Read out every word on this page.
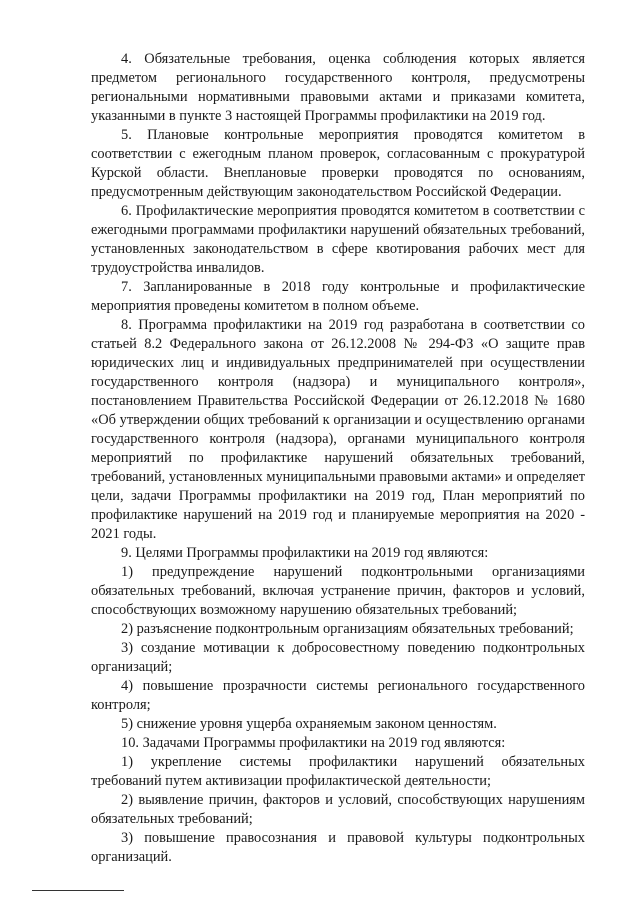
4. Обязательные требования, оценка соблюдения которых является предметом регионального государственного контроля, предусмотрены региональными нормативными правовыми актами и приказами комитета, указанными в пункте 3 настоящей Программы профилактики на 2019 год.

5. Плановые контрольные мероприятия проводятся комитетом в соответствии с ежегодным планом проверок, согласованным с прокуратурой Курской области. Внеплановые проверки проводятся по основаниям, предусмотренным действующим законодательством Российской Федерации.

6. Профилактические мероприятия проводятся комитетом в соответствии с ежегодными программами профилактики нарушений обязательных требований, установленных законодательством в сфере квотирования рабочих мест для трудоустройства инвалидов.

7. Запланированные в 2018 году контрольные и профилактические мероприятия проведены комитетом в полном объеме.

8. Программа профилактики на 2019 год разработана в соответствии со статьей 8.2 Федерального закона от 26.12.2008 № 294-ФЗ «О защите прав юридических лиц и индивидуальных предпринимателей при осуществлении государственного контроля (надзора) и муниципального контроля», постановлением Правительства Российской Федерации от 26.12.2018 № 1680 «Об утверждении общих требований к организации и осуществлению органами государственного контроля (надзора), органами муниципального контроля мероприятий по профилактике нарушений обязательных требований, требований, установленных муниципальными правовыми актами» и определяет цели, задачи Программы профилактики на 2019 год, План мероприятий по профилактике нарушений на 2019 год и планируемые мероприятия на 2020 - 2021 годы.

9. Целями Программы профилактики на 2019 год являются:

1) предупреждение нарушений подконтрольными организациями обязательных требований, включая устранение причин, факторов и условий, способствующих возможному нарушению обязательных требований;

2) разъяснение подконтрольным организациям обязательных требований;

3) создание мотивации к добросовестному поведению подконтрольных организаций;

4) повышение прозрачности системы регионального государственного контроля;

5) снижение уровня ущерба охраняемым законом ценностям.

10. Задачами Программы профилактики на 2019 год являются:

1) укрепление системы профилактики нарушений обязательных требований путем активизации профилактической деятельности;

2) выявление причин, факторов и условий, способствующих нарушениям обязательных требований;

3) повышение правосознания и правовой культуры подконтрольных организаций.
